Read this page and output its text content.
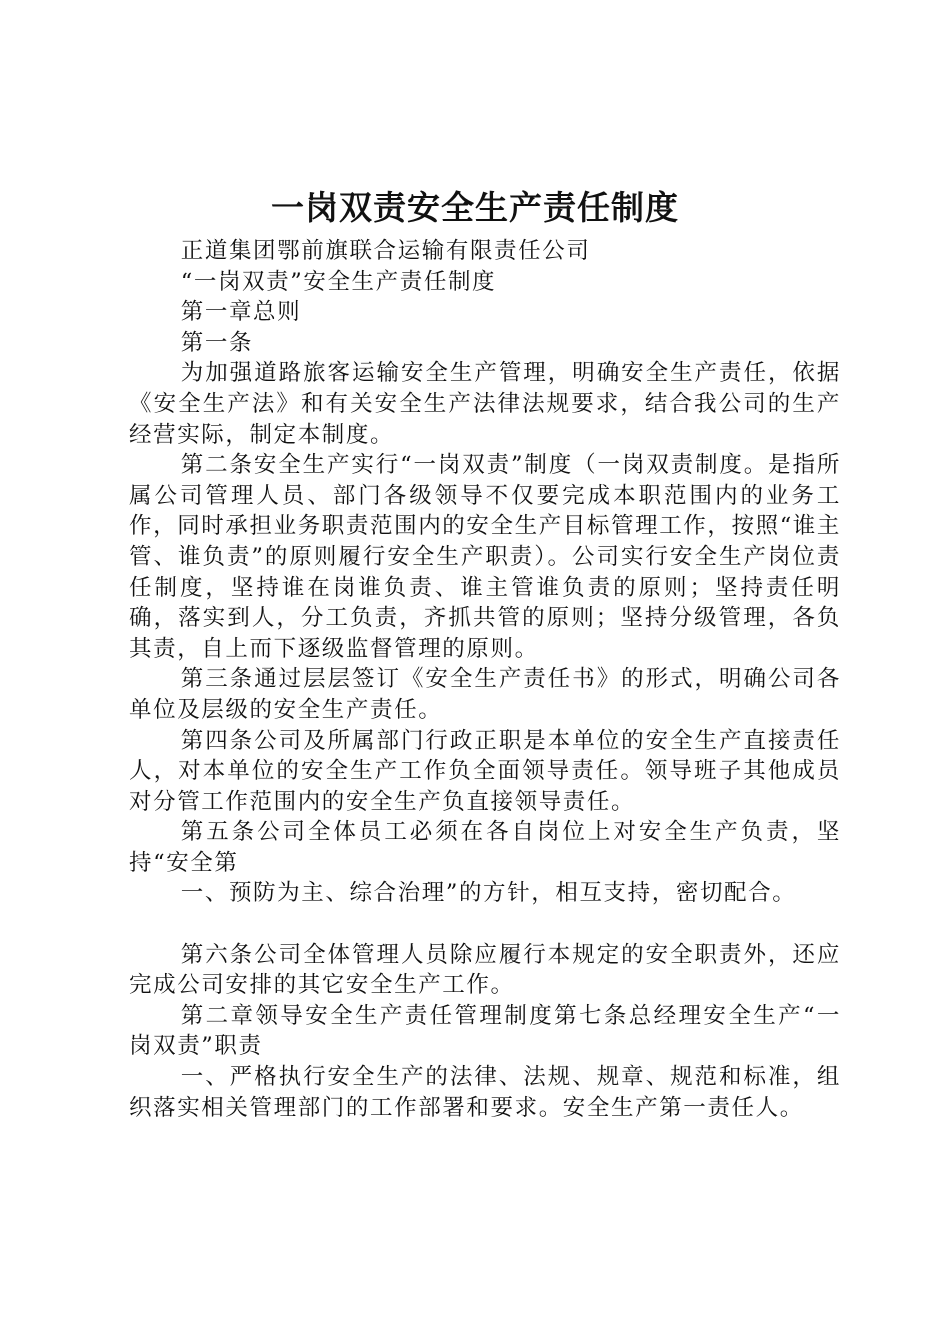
一岗双责安全生产责任制度

正道集团鄂前旗联合运输有限责任公司

“一岗双责”安全生产责任制度

第一章总则

第一条

为加强道路旅客运输安全生产管理，明确安全生产责任，依据《安全生产法》和有关安全生产法律法规要求，结合我公司的生产经营实际，制定本制度。

第二条安全生产实行“一岗双责”制度（一岗双责制度。是指所属公司管理人员、部门各级领导不仅要完成本职范围内的业务工作，同时承担业务职责范围内的安全生产目标管理工作，按照“谁主管、谁负责”的原则履行安全生产职责）。公司实行安全生产岗位责任制度，坚持谁在岗谁负责、谁主管谁负责的原则；坚持责任明确，落实到人，分工负责，齐抓共管的原则；坚持分级管理，各负其责，自上而下逐级监督管理的原则。

第三条通过层层签订《安全生产责任书》的形式，明确公司各单位及层级的安全生产责任。

第四条公司及所属部门行政正职是本单位的安全生产直接责任人，对本单位的安全生产工作负全面领导责任。领导班子其他成员对分管工作范围内的安全生产负直接领导责任。

第五条公司全体员工必须在各自岗位上对安全生产负责，坚持“安全第

一、预防为主、综合治理”的方针，相互支持，密切配合。

第六条公司全体管理人员除应履行本规定的安全职责外，还应完成公司安排的其它安全生产工作。

第二章领导安全生产责任管理制度第七条总经理安全生产“一岗双责”职责

一、严格执行安全生产的法律、法规、规章、规范和标准，组织落实相关管理部门的工作部署和要求。安全生产第一责任人。
